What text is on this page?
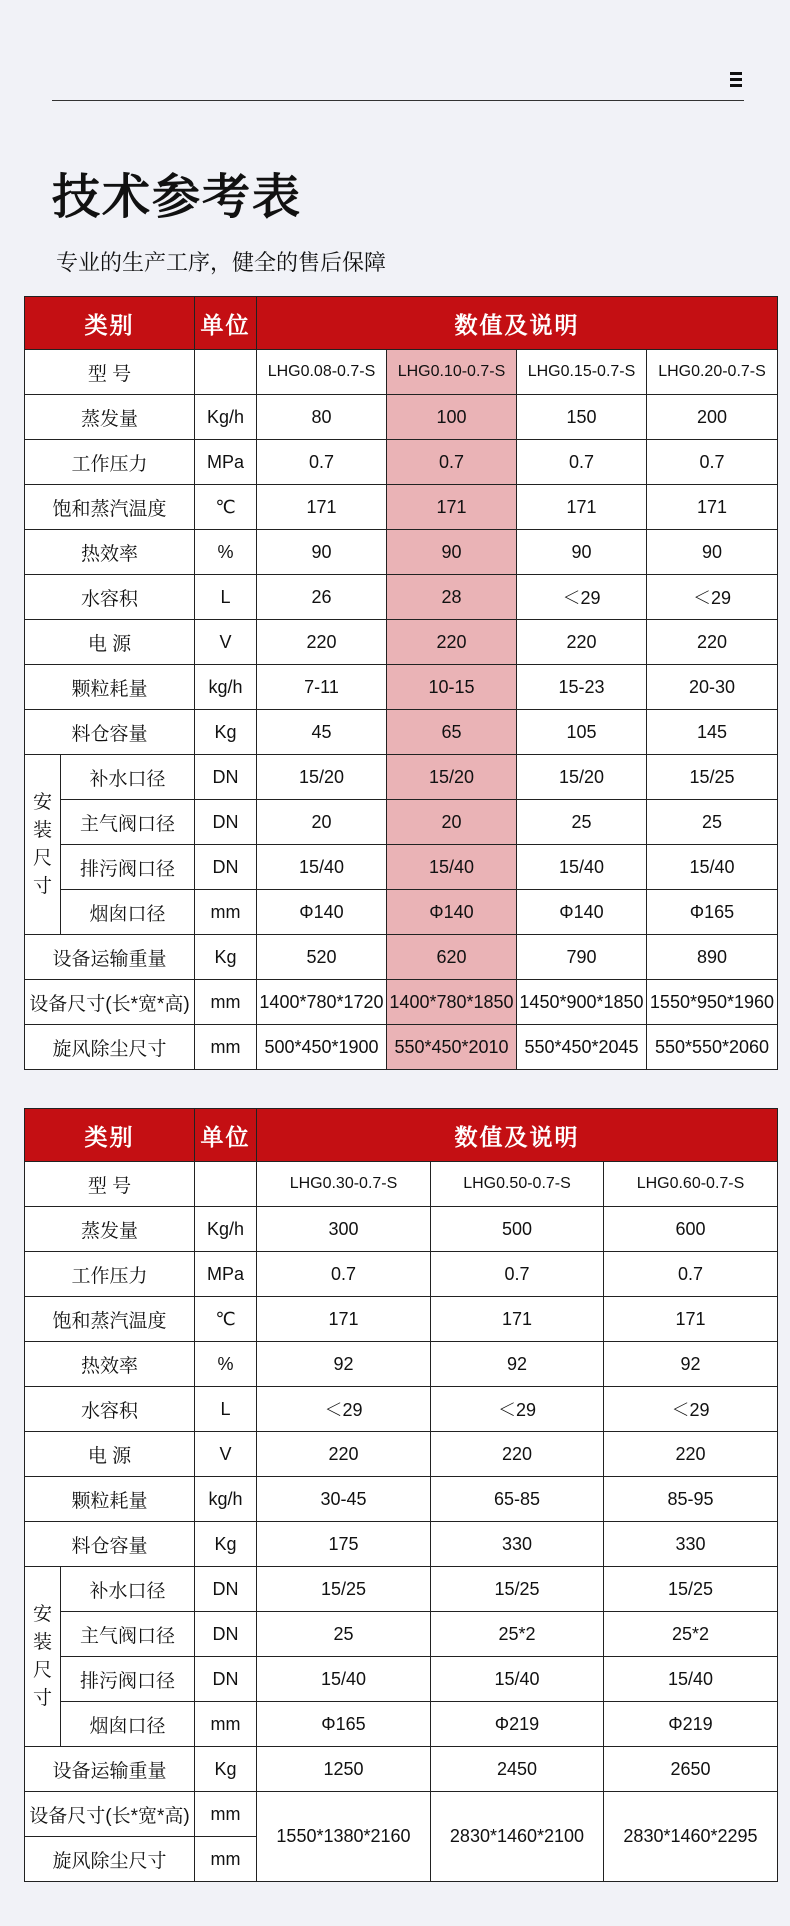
技术参考表

专业的生产工序，健全的售后保障

类别		单位	数值及说明			
型 号			LHG0.08-0.7-S	LHG0.10-0.7-S	LHG0.15-0.7-S	LHG0.20-0.7-S
蒸发量		Kg/h	80	100	150	200
工作压力		MPa	0.7	0.7	0.7	0.7
饱和蒸汽温度		℃	171	171	171	171
热效率		%	90	90	90	90
水容积		L	26	28	＜29	＜29
电 源		V	220	220	220	220
颗粒耗量		kg/h	7-11	10-15	15-23	20-30
料仓容量		Kg	45	65	105	145

安
装
尺
寸	补水口径	DN	15/20	15/20	15/20	15/25
	主气阀口径	DN	20	20	25	25
	排污阀口径	DN	15/40	15/40	15/40	15/40
	烟囱口径	mm	Φ140	Φ140	Φ140	Φ165
设备运输重量		Kg	520	620	790	890
设备尺寸(长*宽*高)		mm	1400*780*1720	1400*780*1850	1450*900*1850	1550*950*1960
旋风除尘尺寸		mm	500*450*1900	550*450*2010	550*450*2045	550*550*2060
类别		单位	数值及说明		
型 号			LHG0.30-0.7-S	LHG0.50-0.7-S	LHG0.60-0.7-S
蒸发量		Kg/h	300	500	600
工作压力		MPa	0.7	0.7	0.7
饱和蒸汽温度		℃	171	171	171
热效率		%	92	92	92
水容积		L	＜29	＜29	＜29
电 源		V	220	220	220
颗粒耗量		kg/h	30-45	65-85	85-95
料仓容量		Kg	175	330	330

安
装
尺
寸	补水口径	DN	15/25	15/25	15/25
	主气阀口径	DN	25	25*2	25*2
	排污阀口径	DN	15/40	15/40	15/40
	烟囱口径	mm	Φ165	Φ219	Φ219
设备运输重量		Kg	1250	2450	2650
设备尺寸(长*宽*高)		mm	1550*1380*2160	2830*1460*2100	2830*1460*2295
旋风除尘尺寸		mm			
